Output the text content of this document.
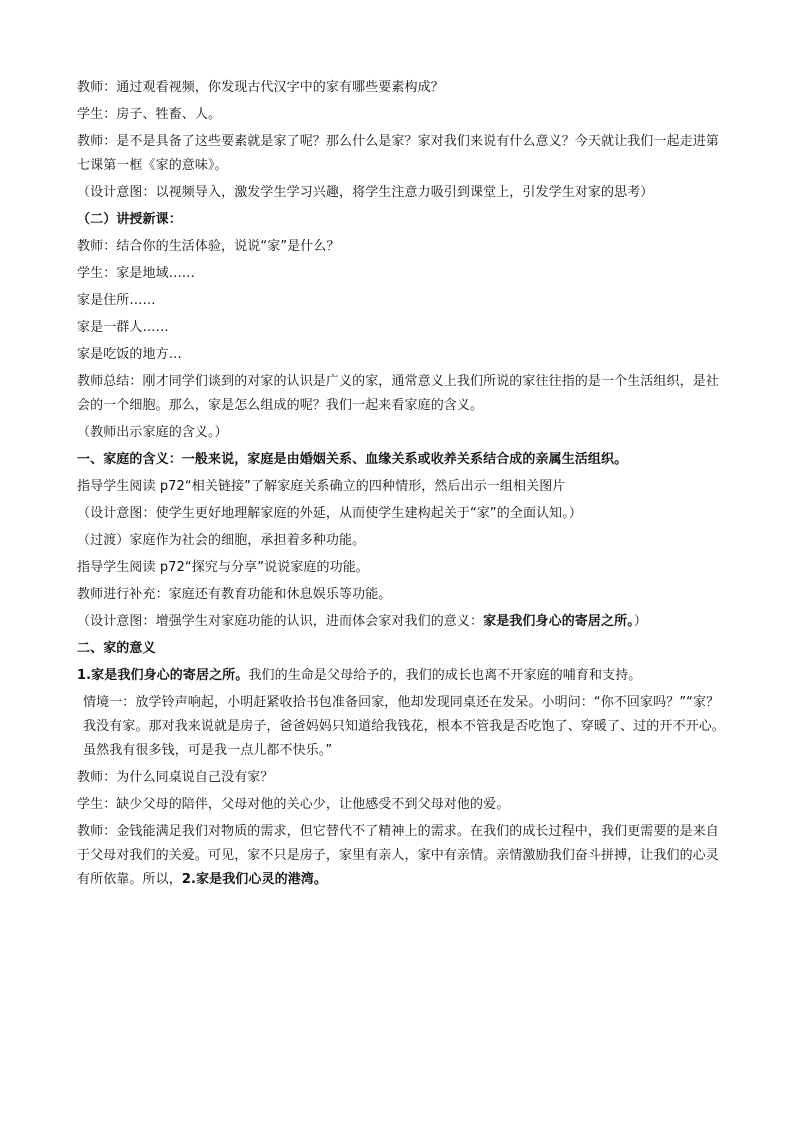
教师：通过观看视频，你发现古代汉字中的家有哪些要素构成？

学生：房子、牲畜、人。

教师：是不是具备了这些要素就是家了呢？那么什么是家？家对我们来说有什么意义？今天就让我们一起走进第七课第一框《家的意味》。

（设计意图：以视频导入，激发学生学习兴趣，将学生注意力吸引到课堂上，引发学生对家的思考）

（二）讲授新课：

教师：结合你的生活体验，说说“家”是什么？

学生：家是地域……

家是住所……

家是一群人……

家是吃饭的地方…

教师总结：刚才同学们谈到的对家的认识是广义的家，通常意义上我们所说的家往往指的是一个生活组织，是社会的一个细胞。那么，家是怎么组成的呢？我们一起来看家庭的含义。

（教师出示家庭的含义。）

一、家庭的含义：一般来说，家庭是由婚姻关系、血缘关系或收养关系结合成的亲属生活组织。

指导学生阅读 p72“相关链接”了解家庭关系确立的四种情形，然后出示一组相关图片

（设计意图：使学生更好地理解家庭的外延，从而使学生建构起关于“家”的全面认知。）

（过渡）家庭作为社会的细胞，承担着多种功能。

指导学生阅读 p72“探究与分享”说说家庭的功能。

教师进行补充：家庭还有教育功能和休息娱乐等功能。

（设计意图：增强学生对家庭功能的认识，进而体会家对我们的意义：家是我们身心的寄居之所。）

二、家的意义

1.家是我们身心的寄居之所。我们的生命是父母给予的，我们的成长也离不开家庭的哺育和支持。

情境一：放学铃声响起，小明赶紧收拾书包准备回家，他却发现同桌还在发呆。小明问：“你不回家吗？”“家？我没有家。那对我来说就是房子，爸爸妈妈只知道给我钱花，根本不管我是否吃饱了、穿暖了、过的开不开心。虽然我有很多钱，可是我一点儿都不快乐。”

教师：为什么同桌说自己没有家？

学生：缺少父母的陪伴，父母对他的关心少，让他感受不到父母对他的爱。

教师：金钱能满足我们对物质的需求，但它替代不了精神上的需求。在我们的成长过程中，我们更需要的是来自于父母对我们的关爱。可见，家不只是房子，家里有亲人，家中有亲情。亲情激励我们奋斗拼搏，让我们的心灵有所依靠。所以，2.家是我们心灵的港湾。
